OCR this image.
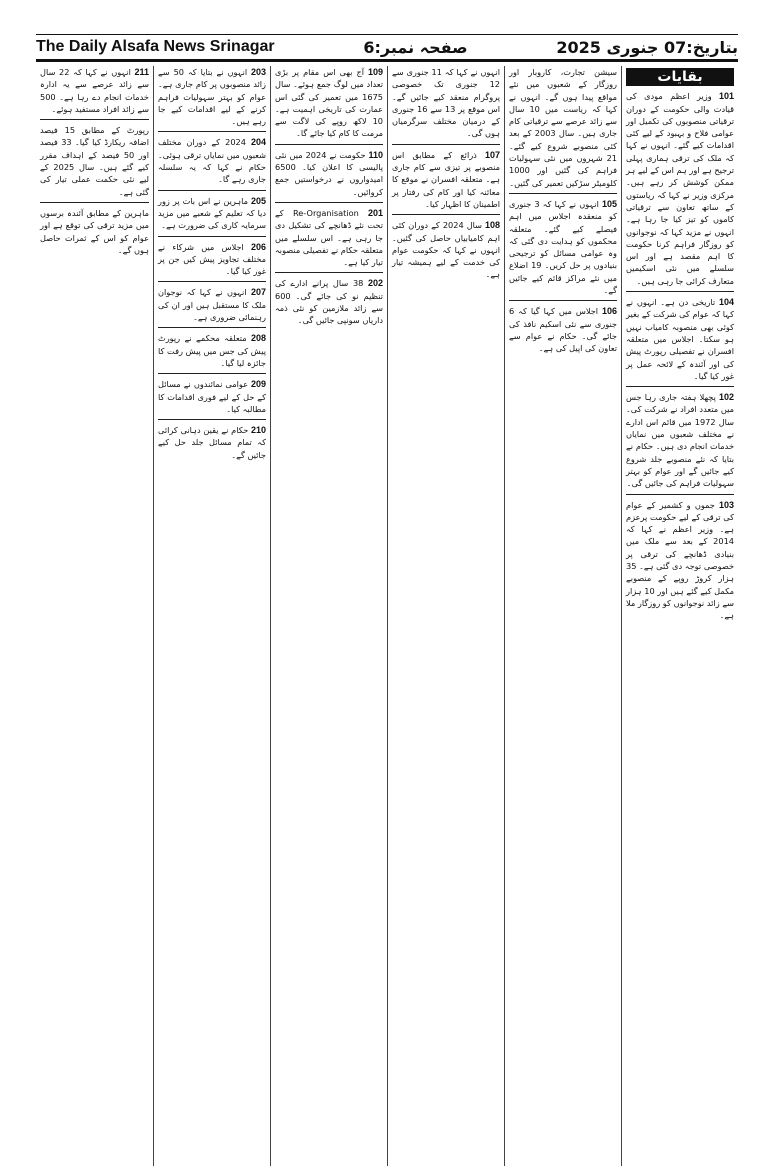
The Daily Alsafa News Srinagar	صفحہ نمبر:6	بتاریخ:07 جنوری 2025
بقایات

101 وزیر اعظم مودی کی قیادت والی حکومت کے دوران ترقیاتی منصوبوں کی تکمیل اور عوامی فلاح و بہبود کے لیے کئی اقدامات کیے گئے۔ انہوں نے کہا کہ ملک کی ترقی ہماری پہلی ترجیح ہے اور ہم اس کے لیے ہر ممکن کوشش کر رہے ہیں۔ مرکزی وزیر نے کہا کہ ریاستوں کے ساتھ تعاون سے ترقیاتی کاموں کو تیز کیا جا رہا ہے۔ انہوں نے مزید کہا کہ نوجوانوں کو روزگار فراہم کرنا حکومت کا اہم مقصد ہے اور اس سلسلے میں نئی اسکیمیں متعارف کرائی جا رہی ہیں۔

104 تاریخی دن ہے۔ انہوں نے کہا کہ عوام کی شرکت کے بغیر کوئی بھی منصوبہ کامیاب نہیں ہو سکتا۔ اجلاس میں متعلقہ افسران نے تفصیلی رپورٹ پیش کی اور آئندہ کے لائحہ عمل پر غور کیا گیا۔

102 پچھلا ہفتہ جاری رہا جس میں متعدد افراد نے شرکت کی۔ سال 1972 میں قائم اس ادارے نے مختلف شعبوں میں نمایاں خدمات انجام دی ہیں۔ حکام نے بتایا کہ نئے منصوبے جلد شروع کیے جائیں گے اور عوام کو بہتر سہولیات فراہم کی جائیں گی۔

103 جموں و کشمیر کے عوام کی ترقی کے لیے حکومت پرعزم ہے۔ وزیر اعظم نے کہا کہ 2014 کے بعد سے ملک میں بنیادی ڈھانچے کی ترقی پر خصوصی توجہ دی گئی ہے۔ 35 ہزار کروڑ روپے کے منصوبے مکمل کیے گئے ہیں اور 10 ہزار سے زائد نوجوانوں کو روزگار ملا ہے۔

سیشن تجارت، کاروبار اور روزگار کے شعبوں میں نئے مواقع پیدا ہوں گے۔ انہوں نے کہا کہ ریاست میں 10 سال سے زائد عرصے سے ترقیاتی کام جاری ہیں۔ سال 2003 کے بعد کئی منصوبے شروع کیے گئے۔ 21 شہروں میں نئی سہولیات فراہم کی گئیں اور 1000 کلومیٹر سڑکیں تعمیر کی گئیں۔

105 انہوں نے کہا کہ 3 جنوری کو منعقدہ اجلاس میں اہم فیصلے کیے گئے۔ متعلقہ محکموں کو ہدایت دی گئی کہ وہ عوامی مسائل کو ترجیحی بنیادوں پر حل کریں۔ 19 اضلاع میں نئے مراکز قائم کیے جائیں گے۔

106 اجلاس میں کہا گیا کہ 6 جنوری سے نئی اسکیم نافذ کی جائے گی۔ حکام نے عوام سے تعاون کی اپیل کی ہے۔

انہوں نے کہا کہ 11 جنوری سے 12 جنوری تک خصوصی پروگرام منعقد کیے جائیں گے۔ اس موقع پر 13 سے 16 جنوری کے درمیان مختلف سرگرمیاں ہوں گی۔

107 ذرائع کے مطابق اس منصوبے پر تیزی سے کام جاری ہے۔ متعلقہ افسران نے موقع کا معائنہ کیا اور کام کی رفتار پر اطمینان کا اظہار کیا۔

108 سال 2024 کے دوران کئی اہم کامیابیاں حاصل کی گئیں۔ انہوں نے کہا کہ حکومت عوام کی خدمت کے لیے ہمیشہ تیار ہے۔

109 آج بھی اس مقام پر بڑی تعداد میں لوگ جمع ہوئے۔ سال 1675 میں تعمیر کی گئی اس عمارت کی تاریخی اہمیت ہے۔ 10 لاکھ روپے کی لاگت سے مرمت کا کام کیا جائے گا۔

110 حکومت نے 2024 میں نئی پالیسی کا اعلان کیا۔ 6500 امیدواروں نے درخواستیں جمع کروائیں۔

201 Re-Organisation کے تحت نئے ڈھانچے کی تشکیل دی جا رہی ہے۔ اس سلسلے میں متعلقہ حکام نے تفصیلی منصوبہ تیار کیا ہے۔

202 38 سال پرانے ادارے کی تنظیم نو کی جائے گی۔ 600 سے زائد ملازمین کو نئی ذمہ داریاں سونپی جائیں گی۔

203 انہوں نے بتایا کہ 50 سے زائد منصوبوں پر کام جاری ہے۔ عوام کو بہتر سہولیات فراہم کرنے کے لیے اقدامات کیے جا رہے ہیں۔

204 2024 کے دوران مختلف شعبوں میں نمایاں ترقی ہوئی۔ حکام نے کہا کہ یہ سلسلہ جاری رہے گا۔

205 ماہرین نے اس بات پر زور دیا کہ تعلیم کے شعبے میں مزید سرمایہ کاری کی ضرورت ہے۔

206 اجلاس میں شرکاء نے مختلف تجاویز پیش کیں جن پر غور کیا گیا۔

207 انہوں نے کہا کہ نوجوان ملک کا مستقبل ہیں اور ان کی رہنمائی ضروری ہے۔

208 متعلقہ محکمے نے رپورٹ پیش کی جس میں پیش رفت کا جائزہ لیا گیا۔

209 عوامی نمائندوں نے مسائل کے حل کے لیے فوری اقدامات کا مطالبہ کیا۔

210 حکام نے یقین دہانی کرائی کہ تمام مسائل جلد حل کیے جائیں گے۔

211 انہوں نے کہا کہ 22 سال سے زائد عرصے سے یہ ادارہ خدمات انجام دے رہا ہے۔ 500 سے زائد افراد مستفید ہوئے۔

رپورٹ کے مطابق 15 فیصد اضافہ ریکارڈ کیا گیا۔ 33 فیصد اور 50 فیصد کے اہداف مقرر کیے گئے ہیں۔ سال 2025 کے لیے نئی حکمت عملی تیار کی گئی ہے۔

ماہرین کے مطابق آئندہ برسوں میں مزید ترقی کی توقع ہے اور عوام کو اس کے ثمرات حاصل ہوں گے۔
